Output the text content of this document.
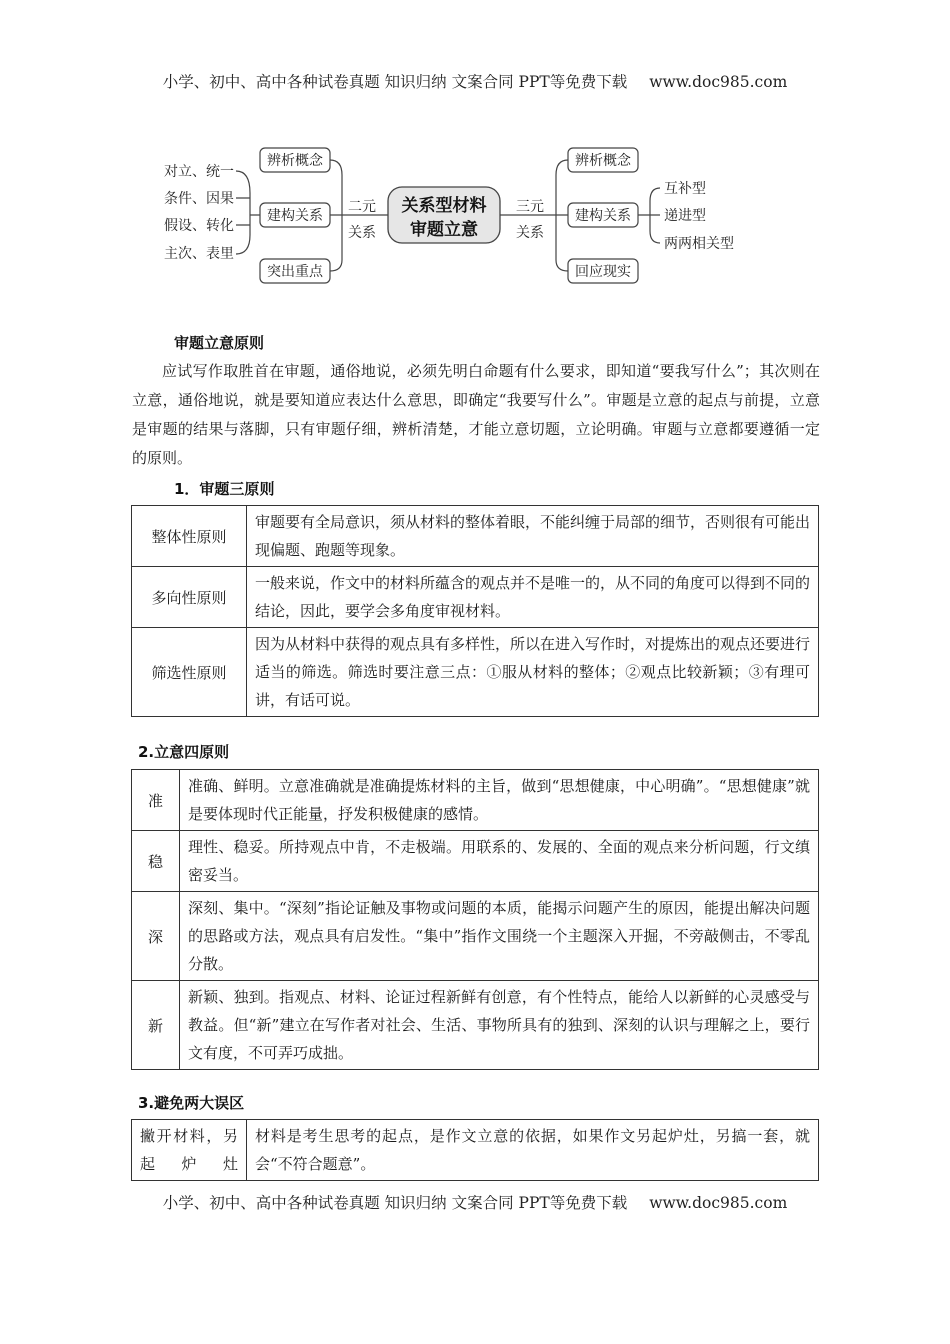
小学、初中、高中各种试卷真题 知识归纳 文案合同 PPT等免费下载 www.doc985.com
对立、统一
条件、因果
假设、转化
主次、表里
辨析概念
建构关系
突出重点
二元
关系
关系型材料
审题立意
三元
关系
辨析概念
建构关系
回应现实
互补型
递进型
两两相关型
审题立意原则
应试写作取胜首在审题，通俗地说，必须先明白命题有什么要求，即知道“要我写什么”；其次则在立意，通俗地说，就是要知道应表达什么意思，即确定“我要写什么”。审题是立意的起点与前提，立意是审题的结果与落脚，只有审题仔细，辨析清楚，才能立意切题，立论明确。审题与立意都要遵循一定的原则。
1．审题三原则
整体性原则	审题要有全局意识，须从材料的整体着眼，不能纠缠于局部的细节，否则很有可能出现偏题、跑题等现象。
多向性原则	一般来说，作文中的材料所蕴含的观点并不是唯一的，从不同的角度可以得到不同的结论，因此，要学会多角度审视材料。
筛选性原则	因为从材料中获得的观点具有多样性，所以在进入写作时，对提炼出的观点还要进行适当的筛选。筛选时要注意三点：①服从材料的整体；②观点比较新颖；③有理可讲，有话可说。
2.立意四原则
准	准确、鲜明。立意准确就是准确提炼材料的主旨，做到“思想健康，中心明确”。“思想健康”就是要体现时代正能量，抒发积极健康的感情。
稳	理性、稳妥。所持观点中肯，不走极端。用联系的、发展的、全面的观点来分析问题，行文缜密妥当。
深	深刻、集中。“深刻”指论证触及事物或问题的本质，能揭示问题产生的原因，能提出解决问题的思路或方法，观点具有启发性。“集中”指作文围绕一个主题深入开掘，不旁敲侧击，不零乱分散。
新	新颖、独到。指观点、材料、论证过程新鲜有创意，有个性特点，能给人以新鲜的心灵感受与教益。但“新”建立在写作者对社会、生活、事物所具有的独到、深刻的认识与理解之上，要行文有度，不可弄巧成拙。
3.避免两大误区
撇开材料，另起炉灶	材料是考生思考的起点，是作文立意的依据，如果作文另起炉灶，另搞一套，就会“不符合题意”。
小学、初中、高中各种试卷真题 知识归纳 文案合同 PPT等免费下载 www.doc985.com
